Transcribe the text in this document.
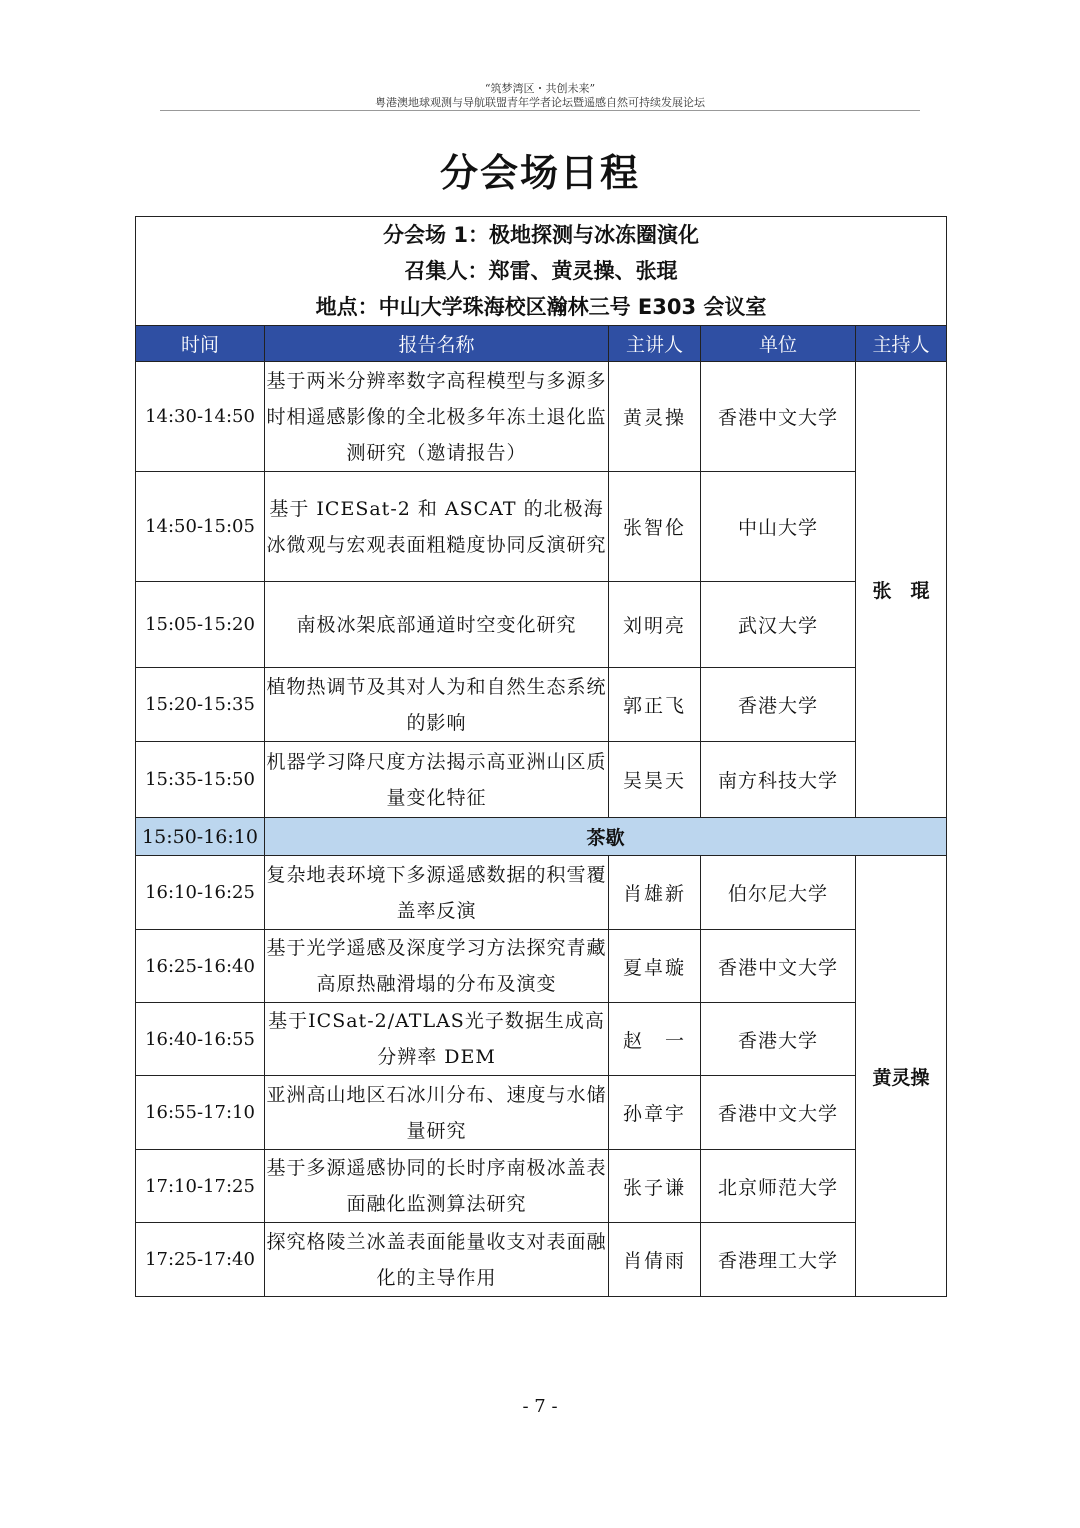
“筑梦湾区・共创未来”
粤港澳地球观测与导航联盟青年学者论坛暨遥感自然可持续发展论坛
分会场日程
分会场 1：极地探测与冰冻圈演化
召集人：郑雷、黄灵操、张琨
地点：中山大学珠海校区瀚林三号 E303 会议室				

时间	报告名称	主讲人	单位	主持人
14:30-14:50	基于两米分辨率数字高程模型与多源多时相遥感影像的全北极多年冻土退化监测研究（邀请报告）	黄灵操	香港中文大学	张　琨
14:50-15:05	基于 ICESat-2 和 ASCAT 的北极海冰微观与宏观表面粗糙度协同反演研究	张智伦	中山大学	
15:05-15:20	南极冰架底部通道时空变化研究	刘明亮	武汉大学	
15:20-15:35	植物热调节及其对人为和自然生态系统的影响	郭正飞	香港大学	
15:35-15:50	机器学习降尺度方法揭示高亚洲山区质量变化特征	吴昊天	南方科技大学	
15:50-16:10	茶歇			
16:10-16:25	复杂地表环境下多源遥感数据的积雪覆盖率反演	肖雄新	伯尔尼大学	黄灵操
16:25-16:40	基于光学遥感及深度学习方法探究青藏高原热融滑塌的分布及演变	夏卓璇	香港中文大学	
16:40-16:55	基于ICSat-2/ATLAS光子数据生成高分辨率 DEM	赵　一	香港大学	
16:55-17:10	亚洲高山地区石冰川分布、速度与水储量研究	孙章宇	香港中文大学	
17:10-17:25	基于多源遥感协同的长时序南极冰盖表面融化监测算法研究	张子谦	北京师范大学	
17:25-17:40	探究格陵兰冰盖表面能量收支对表面融化的主导作用	肖倩雨	香港理工大学	
- 7 -
